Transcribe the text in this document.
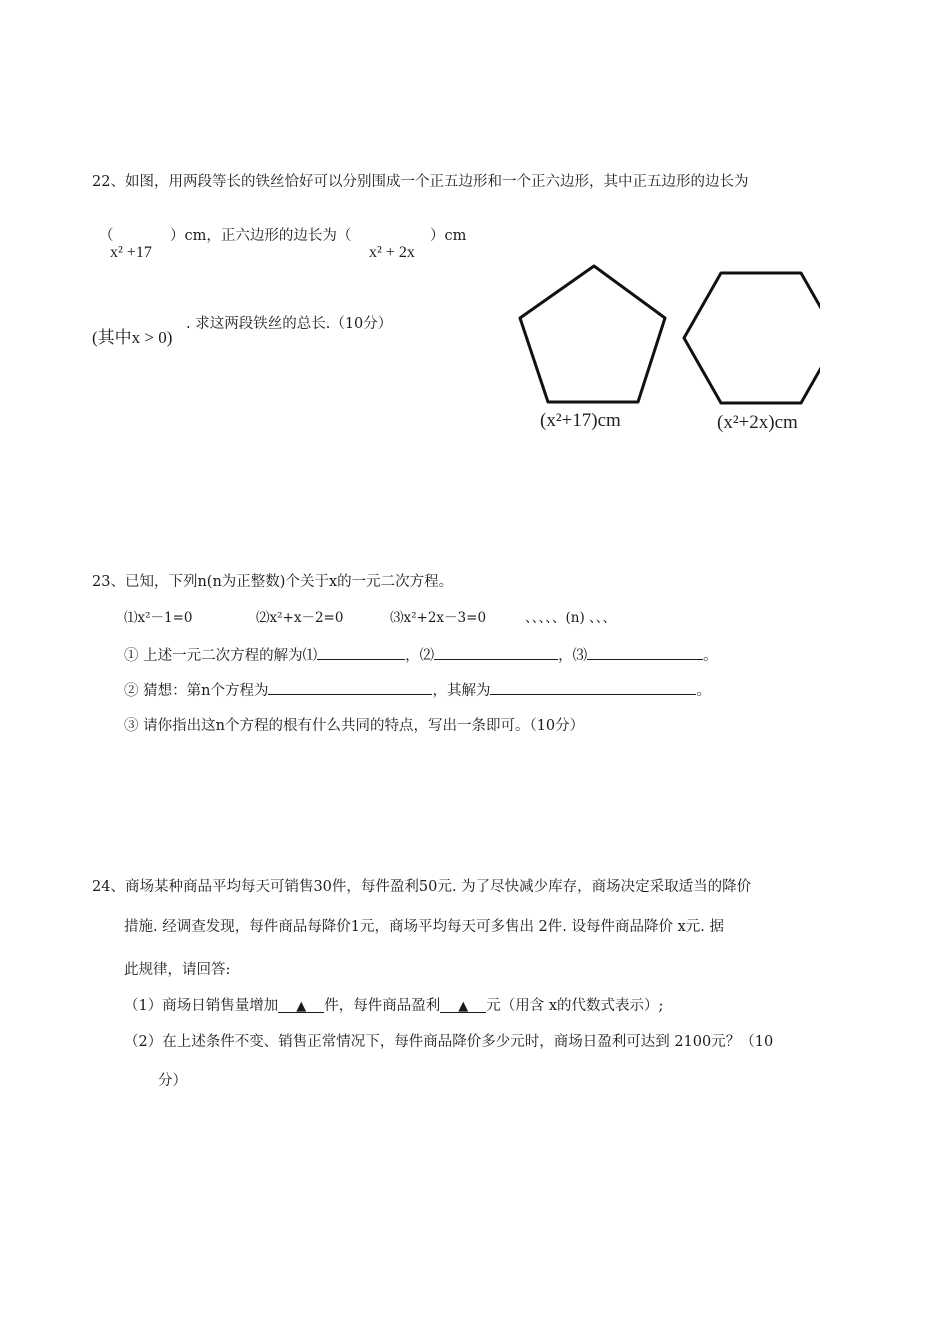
22、如图，用两段等长的铁丝恰好可以分别围成一个正五边形和一个正六边形，其中正五边形的边长为
（
x² +17
）cm，正六边形的边长为（
x² + 2x
）cm
(其中x > 0)
. 求这两段铁丝的总长.（10分）
(x²+17)cm	(x²+2x)cm
23、已知，下列n(n为正整数)个关于x的一元二次方程。
⑴x²－1=0	⑵x²+x－2=0	⑶x²+2x－3=0	、、、、、(n) 、、、
① 上述一元二次方程的解为⑴	，⑵	，⑶	。
② 猜想：第n个方程为	，其解为	。
③ 请你指出这n个方程的根有什么共同的特点，写出一条即可。（10分）
24、商场某种商品平均每天可销售30件，每件盈利50元. 为了尽快减少库存，商场决定采取适当的降价
措施. 经调查发现，每件商品每降价1元，商场平均每天可多售出 2件. 设每件商品降价 x元. 据
此规律，请回答:
（1）商场日销售量增加 ▲ 件，每件商品盈利 ▲ 元（用含 x的代数式表示）;
（2）在上述条件不变、销售正常情况下，每件商品降价多少元时，商场日盈利可达到 2100元？（10
分）
